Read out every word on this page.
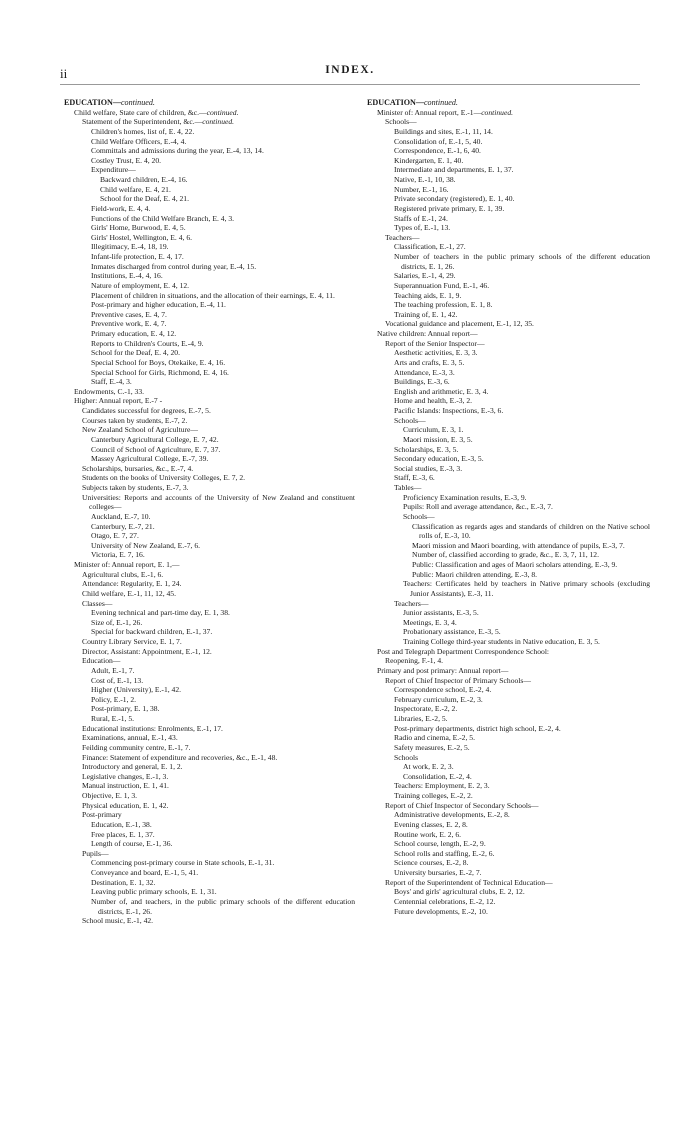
ii	INDEX.
EDUCATION—continued.
Child welfare, State care of children, &c.—continued.
Statement of the Superintendent, &c.—continued.
Children's homes, list of, E. 4, 22.
Child Welfare Officers, E.-4, 4.
Committals and admissions during the year, E.-4, 13, 14.
Costley Trust, E. 4, 20.
Expenditure—
Backward children, E.-4, 16.
Child welfare, E. 4, 21.
School for the Deaf, E. 4, 21.
Field-work, E. 4, 4.
Functions of the Child Welfare Branch, E. 4, 3.
Girls' Home, Burwood, E. 4, 5.
Girls' Hostel, Wellington, E. 4, 6.
Illegitimacy, E.-4, 18, 19.
Infant-life protection, E. 4, 17.
Inmates discharged from control during year, E.-4, 15.
Institutions, E.-4, 4, 16.
Nature of employment, E. 4, 12.
Placement of children in situations, and the allocation of their earnings, E. 4, 11.
Post-primary and higher education, E.-4, 11.
Preventive cases, E. 4, 7.
Preventive work, E. 4, 7.
Primary education, E. 4, 12.
Reports to Children's Courts, E.-4, 9.
School for the Deaf, E. 4, 20.
Special School for Boys, Otekaike, E. 4, 16.
Special School for Girls, Richmond, E. 4, 16.
Staff, E.-4, 3.
Endowments, C.-1, 33.
Higher: Annual report, E.-7 -
Candidates successful for degrees, E.-7, 5.
Courses taken by students, E.-7, 2.
New Zealand School of Agriculture—
Canterbury Agricultural College, E. 7, 42.
Council of School of Agriculture, E. 7, 37.
Massey Agricultural College, E.-7, 39.
Scholarships, bursaries, &c., E.-7, 4.
Students on the books of University Colleges, E. 7, 2.
Subjects taken by students, E.-7, 3.
Universities: Reports and accounts of the University of New Zealand and constituent colleges—
Auckland, E.-7, 10.
Canterbury, E.-7, 21.
Otago, E. 7, 27.
University of New Zealand, E.-7, 6.
Victoria, E. 7, 16.
Minister of: Annual report, E. 1,—
Agricultural clubs, E.-1, 6.
Attendance: Regularity, E. 1, 24.
Child welfare, E.-1, 11, 12, 45.
Classes—
Evening technical and part-time day, E. 1, 38.
Size of, E.-1, 26.
Special for backward children, E.-1, 37.
Country Library Service, E. 1, 7.
Director, Assistant: Appointment, E.-1, 12.
Education—
Adult, E.-1, 7.
Cost of, E.-1, 13.
Higher (University), E.-1, 42.
Policy, E.-1, 2.
Post-primary, E. 1, 38.
Rural, E.-1, 5.
Educational institutions: Enrolments, E.-1, 17.
Examinations, annual, E.-1, 43.
Feilding community centre, E.-1, 7.
Finance: Statement of expenditure and recoveries, &c., E.-1, 48.
Introductory and general, E. 1, 2.
Legislative changes, E.-1, 3.
Manual instruction, E. 1, 41.
Objective, E. 1, 3.
Physical education, E. 1, 42.
Post-primary
Education, E.-1, 38.
Free places, E. 1, 37.
Length of course, E.-1, 36.
Pupils—
Commencing post-primary course in State schools, E.-1, 31.
Conveyance and board, E.-1, 5, 41.
Destination, E. 1, 32.
Leaving public primary schools, E. 1, 31.
Number of, and teachers, in the public primary schools of the different education districts, E.-1, 26.
School music, E.-1, 42.
EDUCATION—continued.
Minister of: Annual report, E.-1—continued.
Schools—
Buildings and sites, E.-1, 11, 14.
Consolidation of, E.-1, 5, 40.
Correspondence, E.-1, 6, 40.
Kindergarten, E. 1, 40.
Intermediate and departments, E. 1, 37.
Native, E.-1, 10, 38.
Number, E.-1, 16.
Private secondary (registered), E. 1, 40.
Registered private primary, E. 1, 39.
Staffs of E.-1, 24.
Types of, E.-1, 13.
Teachers—
Classification, E.-1, 27.
Number of teachers in the public primary schools of the different education districts, E. 1, 26.
Salaries, E.-1, 4, 29.
Superannuation Fund, E.-1, 46.
Teaching aids, E. 1, 9.
The teaching profession, E. 1, 8.
Training of, E. 1, 42.
Vocational guidance and placement, E.-1, 12, 35.
Native children: Annual report—
Report of the Senior Inspector—
Aesthetic activities, E. 3, 3.
Arts and crafts, E. 3, 5.
Attendance, E.-3, 3.
Buildings, E.-3, 6.
English and arithmetic, E. 3, 4.
Home and health, E.-3, 2.
Pacific Islands: Inspections, E.-3, 6.
Schools—
Curriculum, E. 3, 1.
Maori mission, E. 3, 5.
Scholarships, E. 3, 5.
Secondary education, E.-3, 5.
Social studies, E.-3, 3.
Staff, E.-3, 6.
Tables—
Proficiency Examination results, E.-3, 9.
Pupils: Roll and average attendance, &c., E.-3, 7.
Schools—
Classification as regards ages and standards of children on the Native school rolls of, E.-3, 10.
Maori mission and Maori boarding, with attendance of pupils, E.-3, 7.
Number of, classified according to grade, &c., E. 3, 7, 11, 12.
Public: Classification and ages of Maori scholars attending, E.-3, 9.
Public: Maori children attending, E.-3, 8.
Teachers: Certificates held by teachers in Native primary schools (excluding Junior Assistants), E.-3, 11.
Teachers—
Junior assistants, E.-3, 5.
Meetings, E. 3, 4.
Probationary assistance, E.-3, 5.
Training College third-year students in Native education, E. 3, 5.
Post and Telegraph Department Correspondence School:
Reopening, F.-1, 4.
Primary and post primary: Annual report—
Report of Chief Inspector of Primary Schools—
Correspondence school, E.-2, 4.
February curriculum, E.-2, 3.
Inspectorate, E.-2, 2.
Libraries, E.-2, 5.
Post-primary departments, district high school, E.-2, 4.
Radio and cinema, E.-2, 5.
Safety measures, E.-2, 5.
Schools
At work, E. 2, 3.
Consolidation, E.-2, 4.
Teachers: Employment, E. 2, 3.
Training colleges, E.-2, 2.
Report of Chief Inspector of Secondary Schools—
Administrative developments, E.-2, 8.
Evening classes, E. 2, 8.
Routine work, E. 2, 6.
School course, length, E.-2, 9.
School rolls and staffing, E.-2, 6.
Science courses, E.-2, 8.
University bursaries, E.-2, 7.
Report of the Superintendent of Technical Education—
Boys' and girls' agricultural clubs, E. 2, 12.
Centennial celebrations, E.-2, 12.
Future developments, E.-2, 10.
